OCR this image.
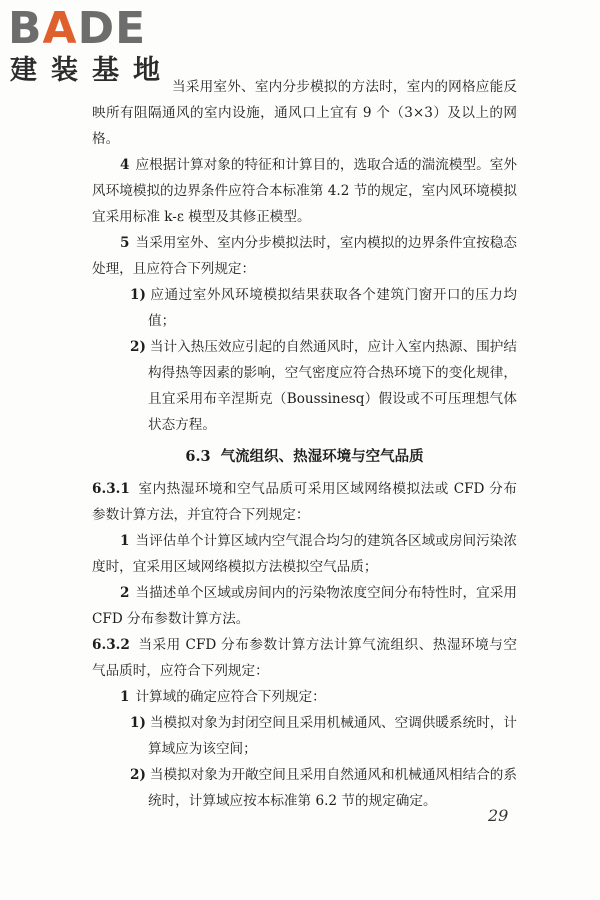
BADE
建装基地

当采用室外、室内分步模拟的方法时，室内的网格应能反映所有阻隔通风的室内设施，通风口上宜有 9 个（3×3）及以上的网格。

4 应根据计算对象的特征和计算目的，选取合适的湍流模型。室外风环境模拟的边界条件应符合本标准第 4.2 节的规定，室内风环境模拟宜采用标准 k-ε 模型及其修正模型。

5 当采用室外、室内分步模拟法时，室内模拟的边界条件宜按稳态处理，且应符合下列规定：

1) 应通过室外风环境模拟结果获取各个建筑门窗开口的压力均值；

2) 当计入热压效应引起的自然通风时，应计入室内热源、围护结构得热等因素的影响，空气密度应符合热环境下的变化规律，且宜采用布辛涅斯克（Boussinesq）假设或不可压理想气体状态方程。

6.3 气流组织、热湿环境与空气品质

6.3.1 室内热湿环境和空气品质可采用区域网络模拟法或 CFD 分布参数计算方法，并宜符合下列规定：

1 当评估单个计算区域内空气混合均匀的建筑各区域或房间污染浓度时，宜采用区域网络模拟方法模拟空气品质；

2 当描述单个区域或房间内的污染物浓度空间分布特性时，宜采用 CFD 分布参数计算方法。

6.3.2 当采用 CFD 分布参数计算方法计算气流组织、热湿环境与空气品质时，应符合下列规定：

1 计算域的确定应符合下列规定：

1) 当模拟对象为封闭空间且采用机械通风、空调供暖系统时，计算域应为该空间；

2) 当模拟对象为开敞空间且采用自然通风和机械通风相结合的系统时，计算域应按本标准第 6.2 节的规定确定。

29
